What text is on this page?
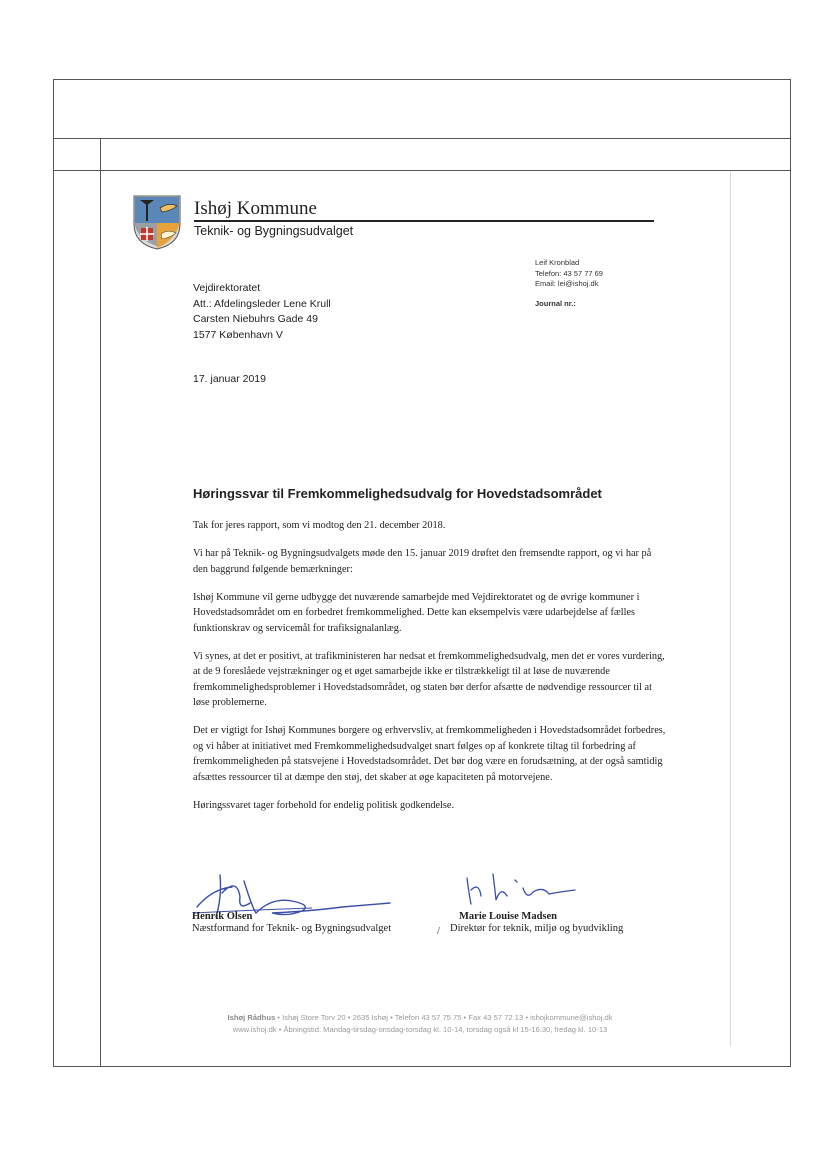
Ishøj Kommune
Teknik- og Bygningsudvalget
Leif Kronblad
Telefon: 43 57 77 69
Email: lei@ishoj.dk
Journal nr.:
Vejdirektoratet
Att.: Afdelingsleder Lene Krull
Carsten Niebuhrs Gade 49
1577 København V
17. januar 2019
Høringssvar til Fremkommelighedsudvalg for Hovedstadsområdet

Tak for jeres rapport, som vi modtog den 21. december 2018.

Vi har på Teknik- og Bygningsudvalgets møde den 15. januar 2019 drøftet den fremsendte rapport, og vi har på den baggrund følgende bemærkninger:

Ishøj Kommune vil gerne udbygge det nuværende samarbejde med Vejdirektoratet og de øvrige kommuner i Hovedstadsområdet om en forbedret fremkommelighed. Dette kan eksempelvis være udarbejdelse af fælles funktionskrav og servicemål for trafiksignalanlæg.

Vi synes, at det er positivt, at trafikministeren har nedsat et fremkommelighedsudvalg, men det er vores vurdering, at de 9 foreslåede vejstrækninger og et øget samarbejde ikke er tilstrækkeligt til at løse de nuværende fremkommelighedsproblemer i Hovedstadsområdet, og staten bør derfor afsætte de nødvendige ressourcer til at løse problemerne.

Det er vigtigt for Ishøj Kommunes borgere og erhvervsliv, at fremkommeligheden i Hovedstadsområdet forbedres, og vi håber at initiativet med Fremkommelighedsudvalget snart følges op af konkrete tiltag til forbedring af fremkommeligheden på statsvejene i Hovedstadsområdet. Det bør dog være en forudsætning, at der også samtidig afsættes ressourcer til at dæmpe den støj, det skaber at øge kapaciteten på motorvejene.

Høringssvaret tager forbehold for endelig politisk godkendelse.

Henrik Olsen
Næstformand for Teknik- og Bygningsudvalget	/
Marie Louise Madsen
Direktør for teknik, miljø og byudvikling
Ishøj Rådhus • Ishøj Store Torv 20 • 2635 Ishøj • Telefon 43 57 75 75 • Fax 43 57 72 13 • ishojkommune@ishoj.dk
www.ishoj.dk • Åbningstid: Mandag-tirsdag-onsdag-torsdag kl. 10-14, torsdag også kl 15-16.30, fredag kl. 10-13
